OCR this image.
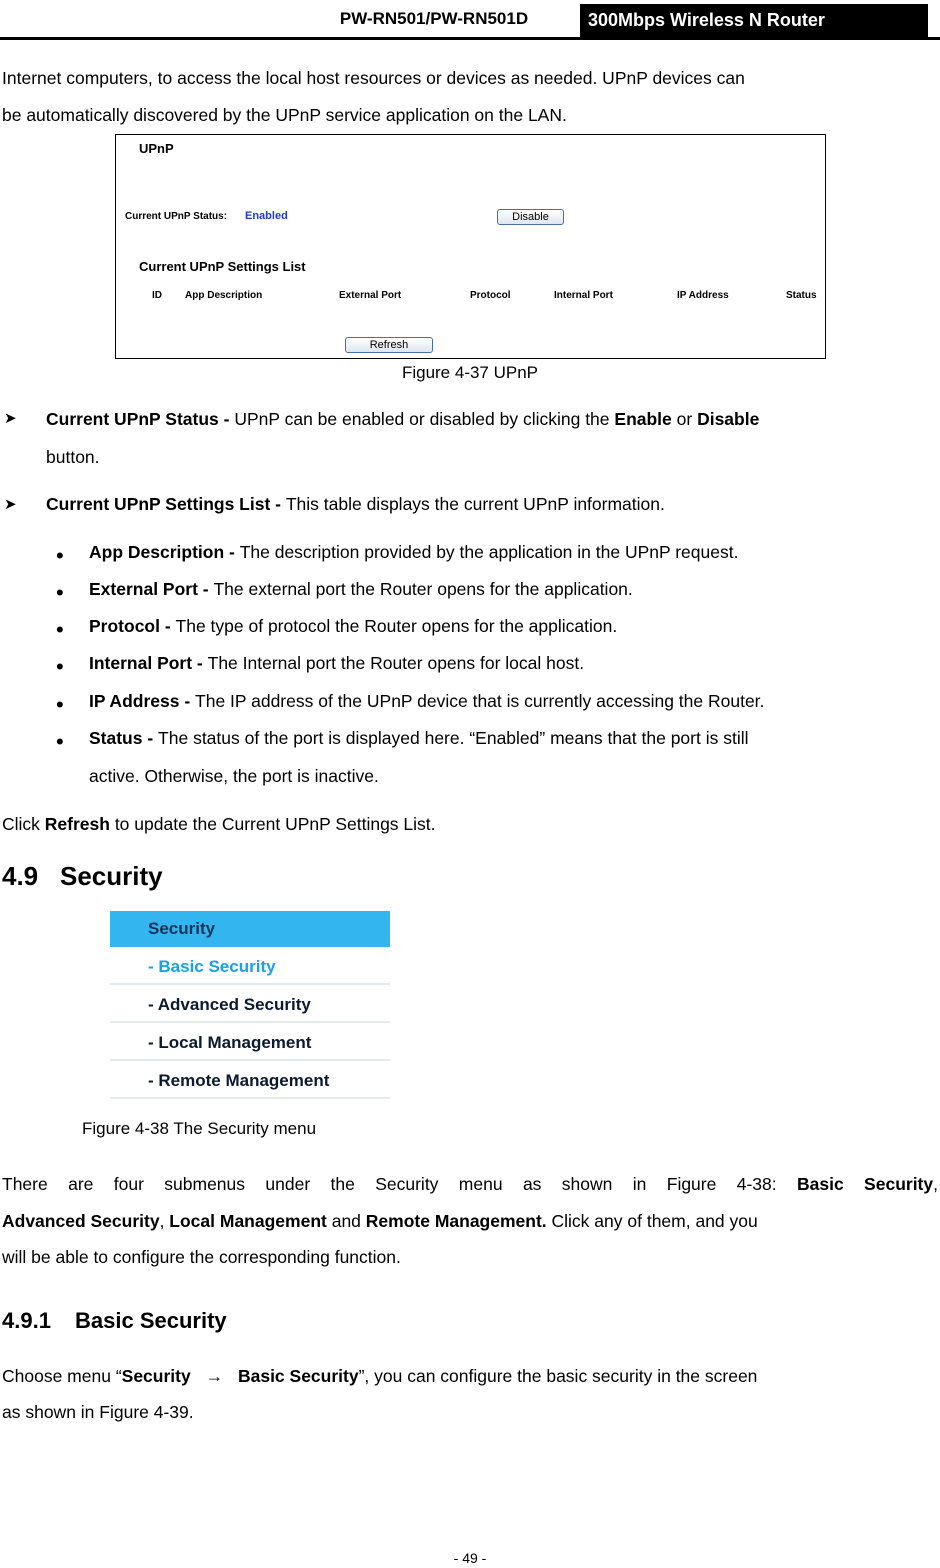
PW-RN501/PW-RN501D	300Mbps Wireless N Router
Internet computers, to access the local host resources or devices as needed. UPnP devices can
be automatically discovered by the UPnP service application on the LAN.
UPnP
Current UPnP Status: Enabled	Disable
Current UPnP Settings List
ID App Description	External Port	Protocol	Internal Port	IP Address	Status
Refresh
Figure 4-37 UPnP
➤ Current UPnP Status - UPnP can be enabled or disabled by clicking the Enable or Disable
button.
➤ Current UPnP Settings List - This table displays the current UPnP information.
• App Description - The description provided by the application in the UPnP request.
• External Port - The external port the Router opens for the application.
• Protocol - The type of protocol the Router opens for the application.
• Internal Port - The Internal port the Router opens for local host.
• IP Address - The IP address of the UPnP device that is currently accessing the Router.
• Status - The status of the port is displayed here. “Enabled” means that the port is still
active. Otherwise, the port is inactive.
Click Refresh to update the Current UPnP Settings List.
4.9 Security
Security
- Basic Security
- Advanced Security
- Local Management
- Remote Management
Figure 4-38 The Security menu
There are four submenus under the Security menu as shown in Figure 4-38: Basic Security,
Advanced Security, Local Management and Remote Management. Click any of them, and you
will be able to configure the corresponding function.
4.9.1 Basic Security
Choose menu “Security → Basic Security”, you can configure the basic security in the screen
as shown in Figure 4-39.
- 49 -
